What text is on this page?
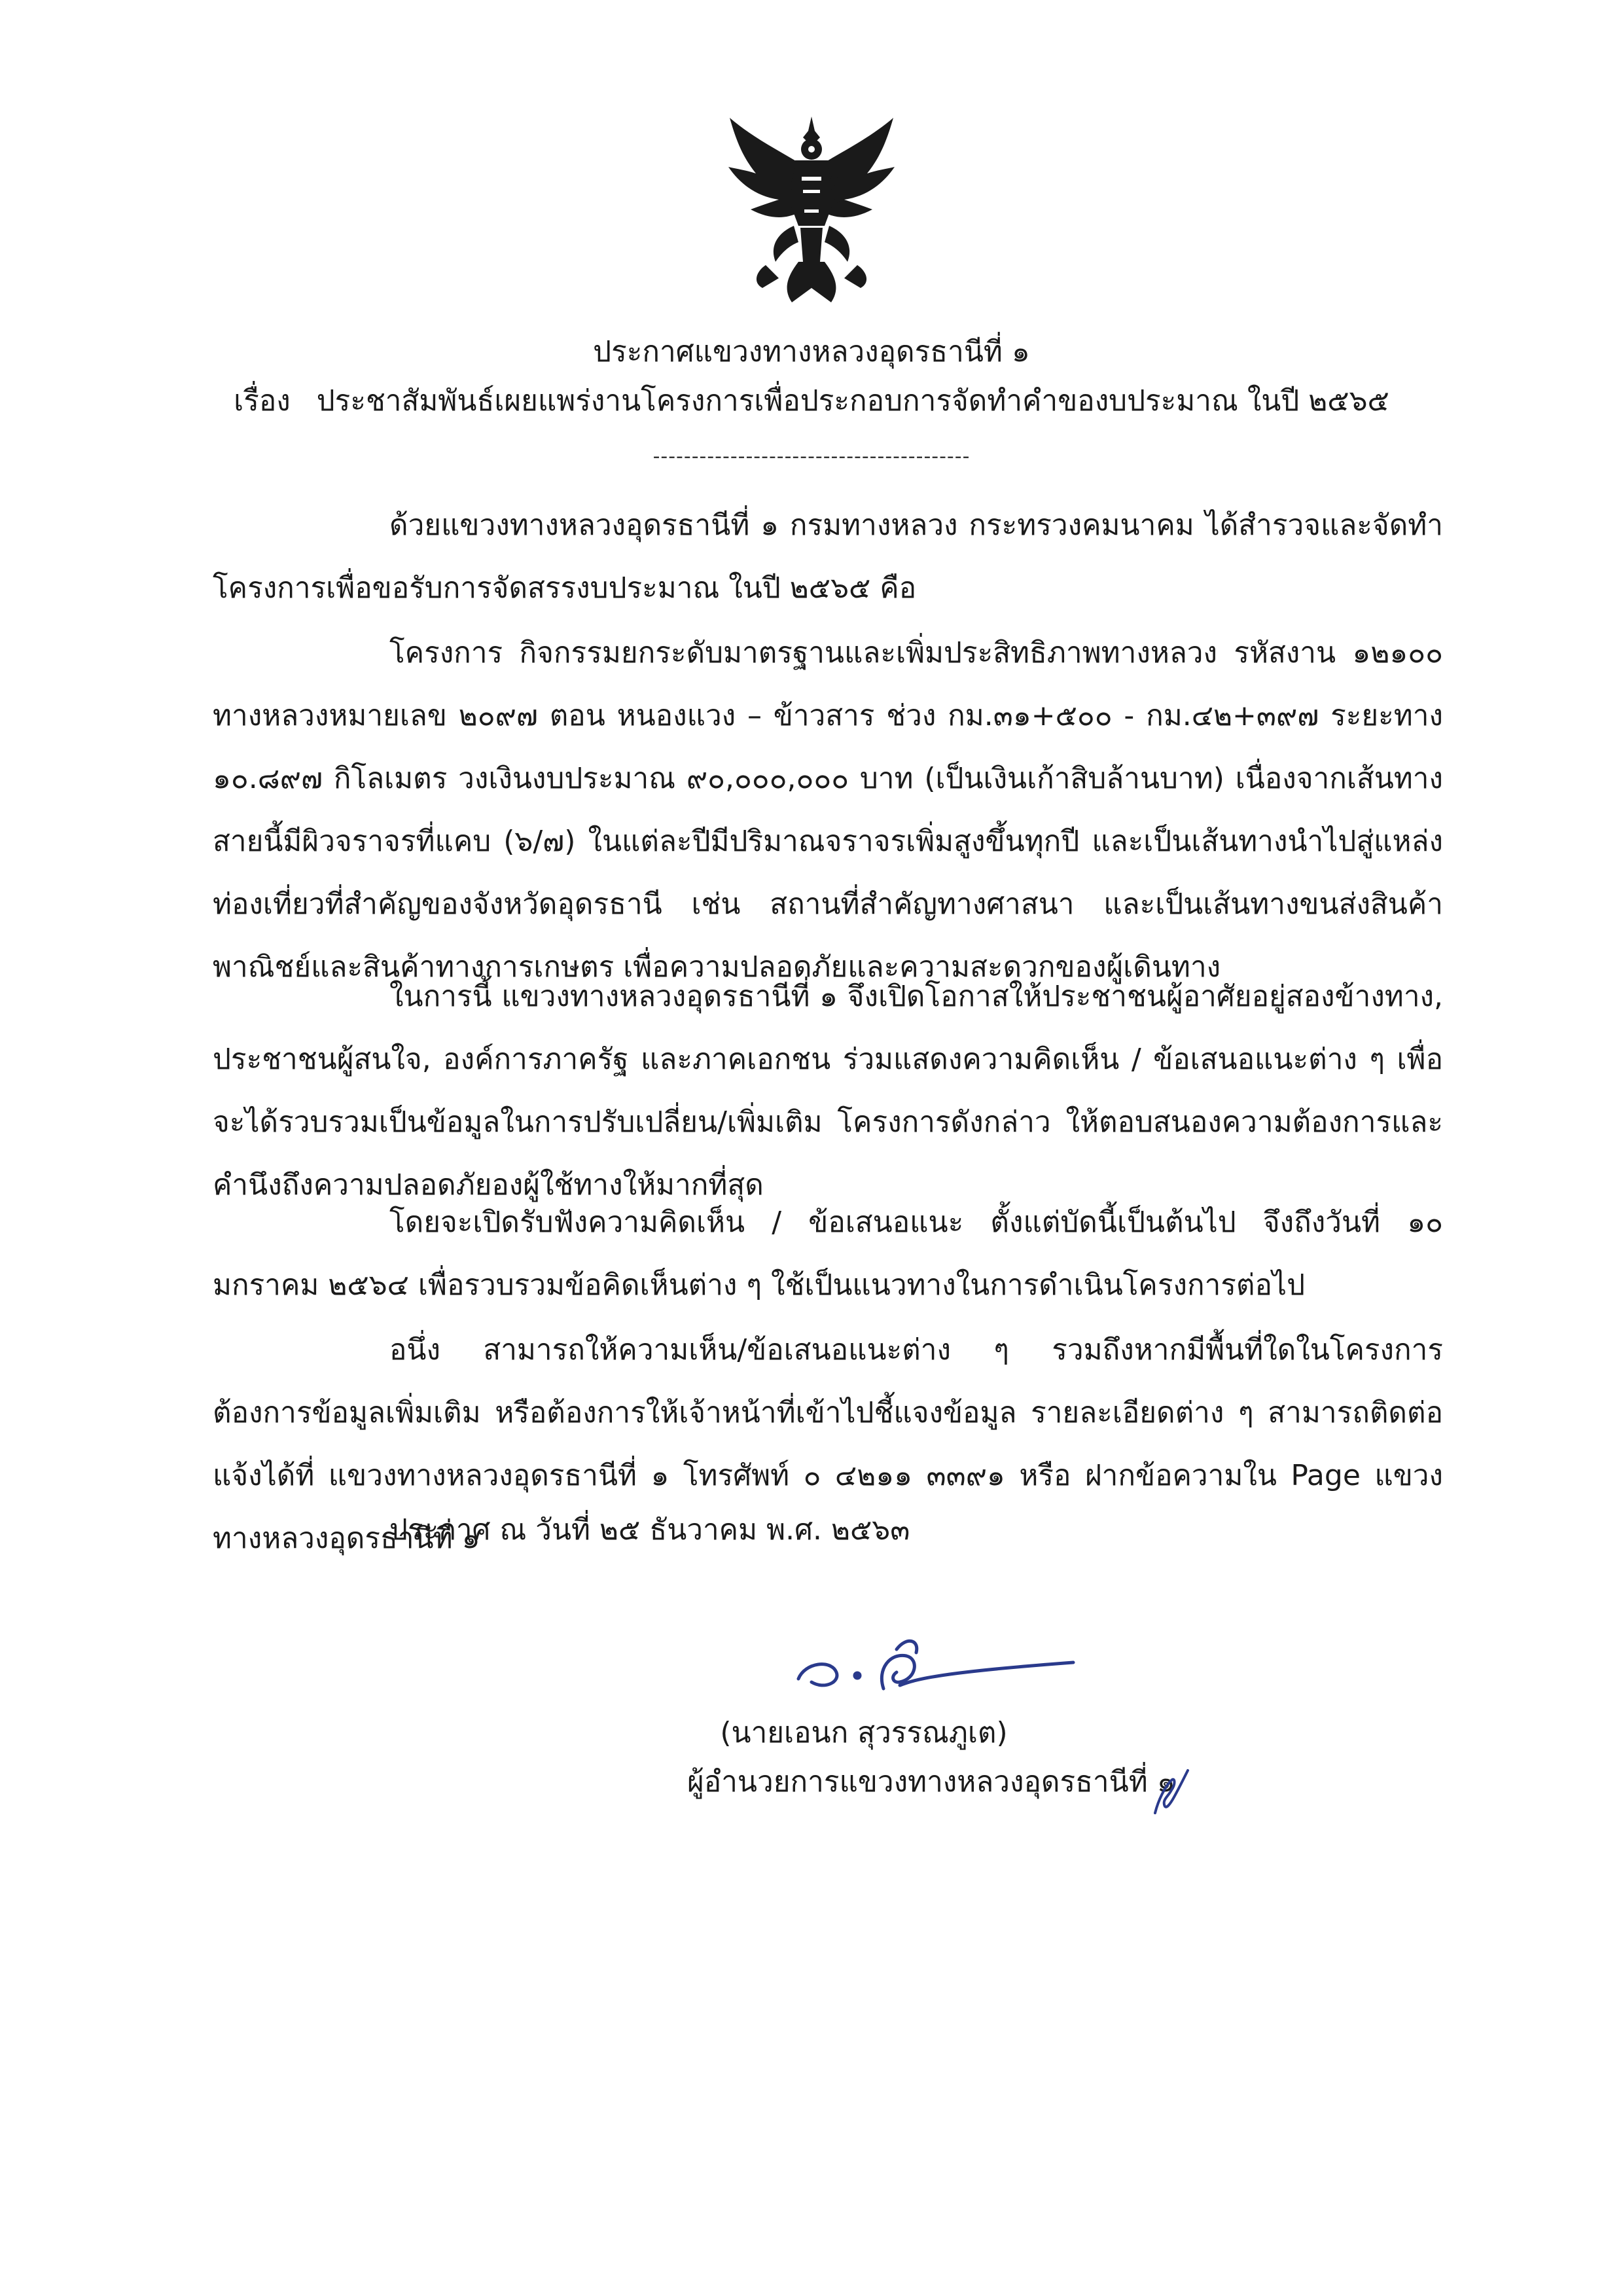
ประกาศแขวงทางหลวงอุดรธานีที่ ๑
เรื่อง ประชาสัมพันธ์เผยแพร่งานโครงการเพื่อประกอบการจัดทำคำของบประมาณ ในปี ๒๕๖๕
-----------------------------------------

ด้วยแขวงทางหลวงอุดรธานีที่ ๑ กรมทางหลวง กระทรวงคมนาคม ได้สำรวจและจัดทำโครงการเพื่อขอรับการจัดสรรงบประมาณ ในปี ๒๕๖๕ คือ

โครงการ กิจกรรมยกระดับมาตรฐานและเพิ่มประสิทธิภาพทางหลวง รหัสงาน ๑๒๑๐๐ ทางหลวงหมายเลข ๒๐๙๗ ตอน หนองแวง – ข้าวสาร ช่วง กม.๓๑+๕๐๐ - กม.๔๒+๓๙๗ ระยะทาง ๑๐.๘๙๗ กิโลเมตร วงเงินงบประมาณ ๙๐,๐๐๐,๐๐๐ บาท (เป็นเงินเก้าสิบล้านบาท) เนื่องจากเส้นทางสายนี้มีผิวจราจรที่แคบ (๖/๗) ในแต่ละปีมีปริมาณจราจรเพิ่มสูงขึ้นทุกปี และเป็นเส้นทางนำไปสู่แหล่งท่องเที่ยวที่สำคัญของจังหวัดอุดรธานี เช่น สถานที่สำคัญทางศาสนา และเป็นเส้นทางขนส่งสินค้าพาณิชย์และสินค้าทางการเกษตร เพื่อความปลอดภัยและความสะดวกของผู้เดินทาง

ในการนี้ แขวงทางหลวงอุดรธานีที่ ๑ จึงเปิดโอกาสให้ประชาชนผู้อาศัยอยู่สองข้างทาง, ประชาชนผู้สนใจ, องค์การภาครัฐ และภาคเอกชน ร่วมแสดงความคิดเห็น / ข้อเสนอแนะต่าง ๆ เพื่อจะได้รวบรวมเป็นข้อมูลในการปรับเปลี่ยน/เพิ่มเติม โครงการดังกล่าว ให้ตอบสนองความต้องการและคำนึงถึงความปลอดภัยองผู้ใช้ทางให้มากที่สุด

โดยจะเปิดรับฟังความคิดเห็น / ข้อเสนอแนะ ตั้งแต่บัดนี้เป็นต้นไป จึงถึงวันที่ ๑๐ มกราคม ๒๕๖๔ เพื่อรวบรวมข้อคิดเห็นต่าง ๆ ใช้เป็นแนวทางในการดำเนินโครงการต่อไป

อนึ่ง สามารถให้ความเห็น/ข้อเสนอแนะต่าง ๆ รวมถึงหากมีพื้นที่ใดในโครงการ ต้องการข้อมูลเพิ่มเติม หรือต้องการให้เจ้าหน้าที่เข้าไปชี้แจงข้อมูล รายละเอียดต่าง ๆ สามารถติดต่อแจ้งได้ที่ แขวงทางหลวงอุดรธานีที่ ๑ โทรศัพท์ ๐ ๔๒๑๑ ๓๓๙๑ หรือ ฝากข้อความใน Page แขวงทางหลวงอุดรธานีที่ ๑

ประกาศ ณ วันที่ ๒๕ ธันวาคม พ.ศ. ๒๕๖๓
(นายเอนก สุวรรณภูเต)
ผู้อำนวยการแขวงทางหลวงอุดรธานีที่ ๑
